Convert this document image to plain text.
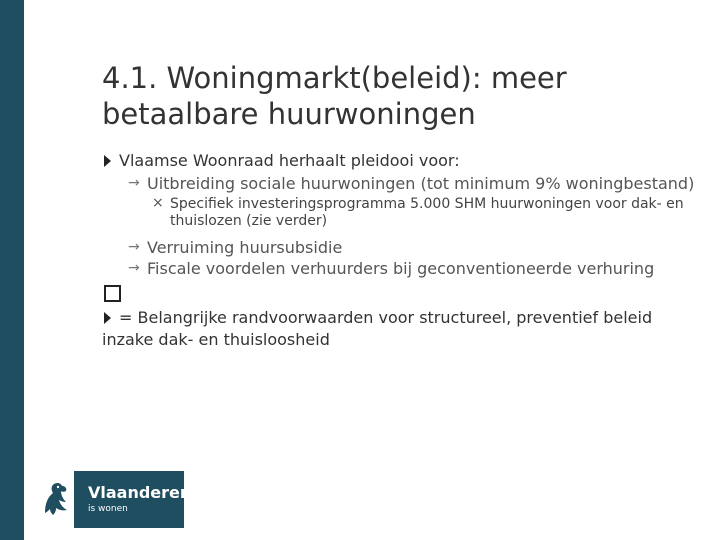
4.1. Woningmarkt(beleid): meer betaalbare huurwoningen
Vlaamse Woonraad herhaalt pleidooi voor:
→ Uitbreiding sociale huurwoningen (tot minimum 9% woningbestand)
× Specifiek investeringsprogramma 5.000 SHM huurwoningen voor dak- en thuislozen (zie verder)
→ Verruiming huursubsidie
→ Fiscale voordelen verhuurders bij geconventioneerde verhuring
= Belangrijke randvoorwaarden voor structureel, preventief beleid inzake dak- en thuisloosheid
Vlaanderen
is wonen
